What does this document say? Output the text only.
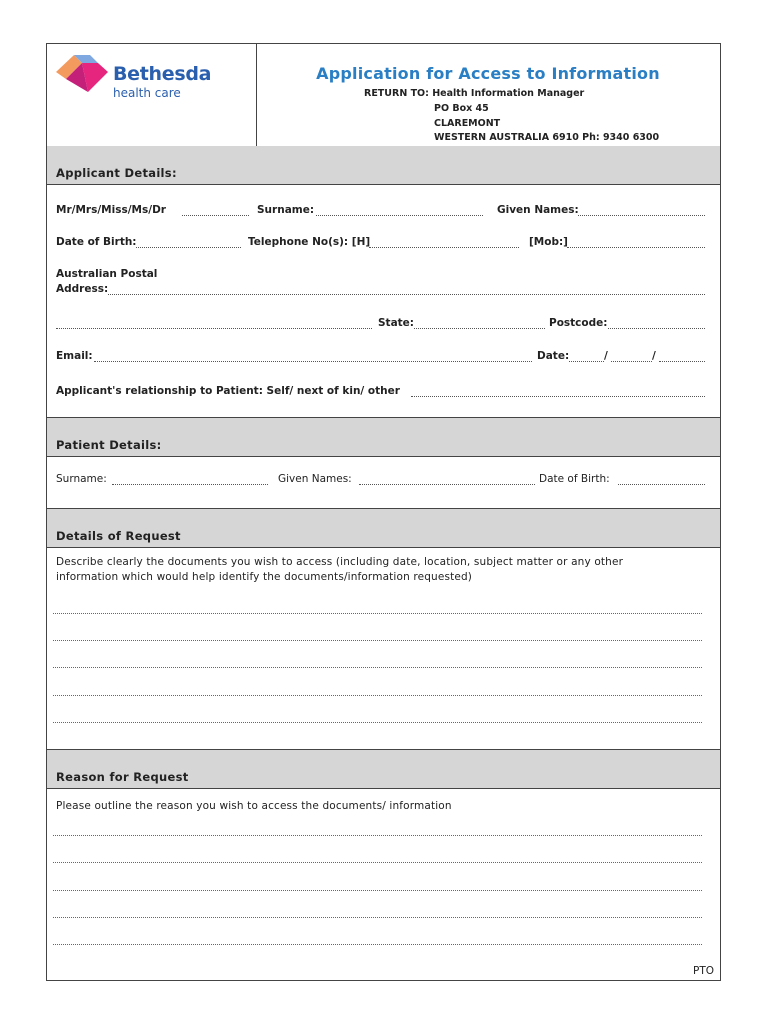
Bethesda
health care
Application for Access to Information
RETURN TO: Health Information Manager
PO Box 45
CLAREMONT
WESTERN AUSTRALIA 6910 Ph: 9340 6300
Applicant Details:
Mr/Mrs/Miss/Ms/Dr	Surname:	Given Names:
Date of Birth:	Telephone No(s): [H]	[Mob:]
Australian Postal
Address:
State:	Postcode:
Email:	Date:	/	/
Applicant's relationship to Patient: Self/ next of kin/ other
Patient Details:
Surname:	Given Names:	Date of Birth:
Details of Request
Describe clearly the documents you wish to access (including date, location, subject matter or any other
information which would help identify the documents/information requested)
Reason for Request
Please outline the reason you wish to access the documents/ information
PTO
